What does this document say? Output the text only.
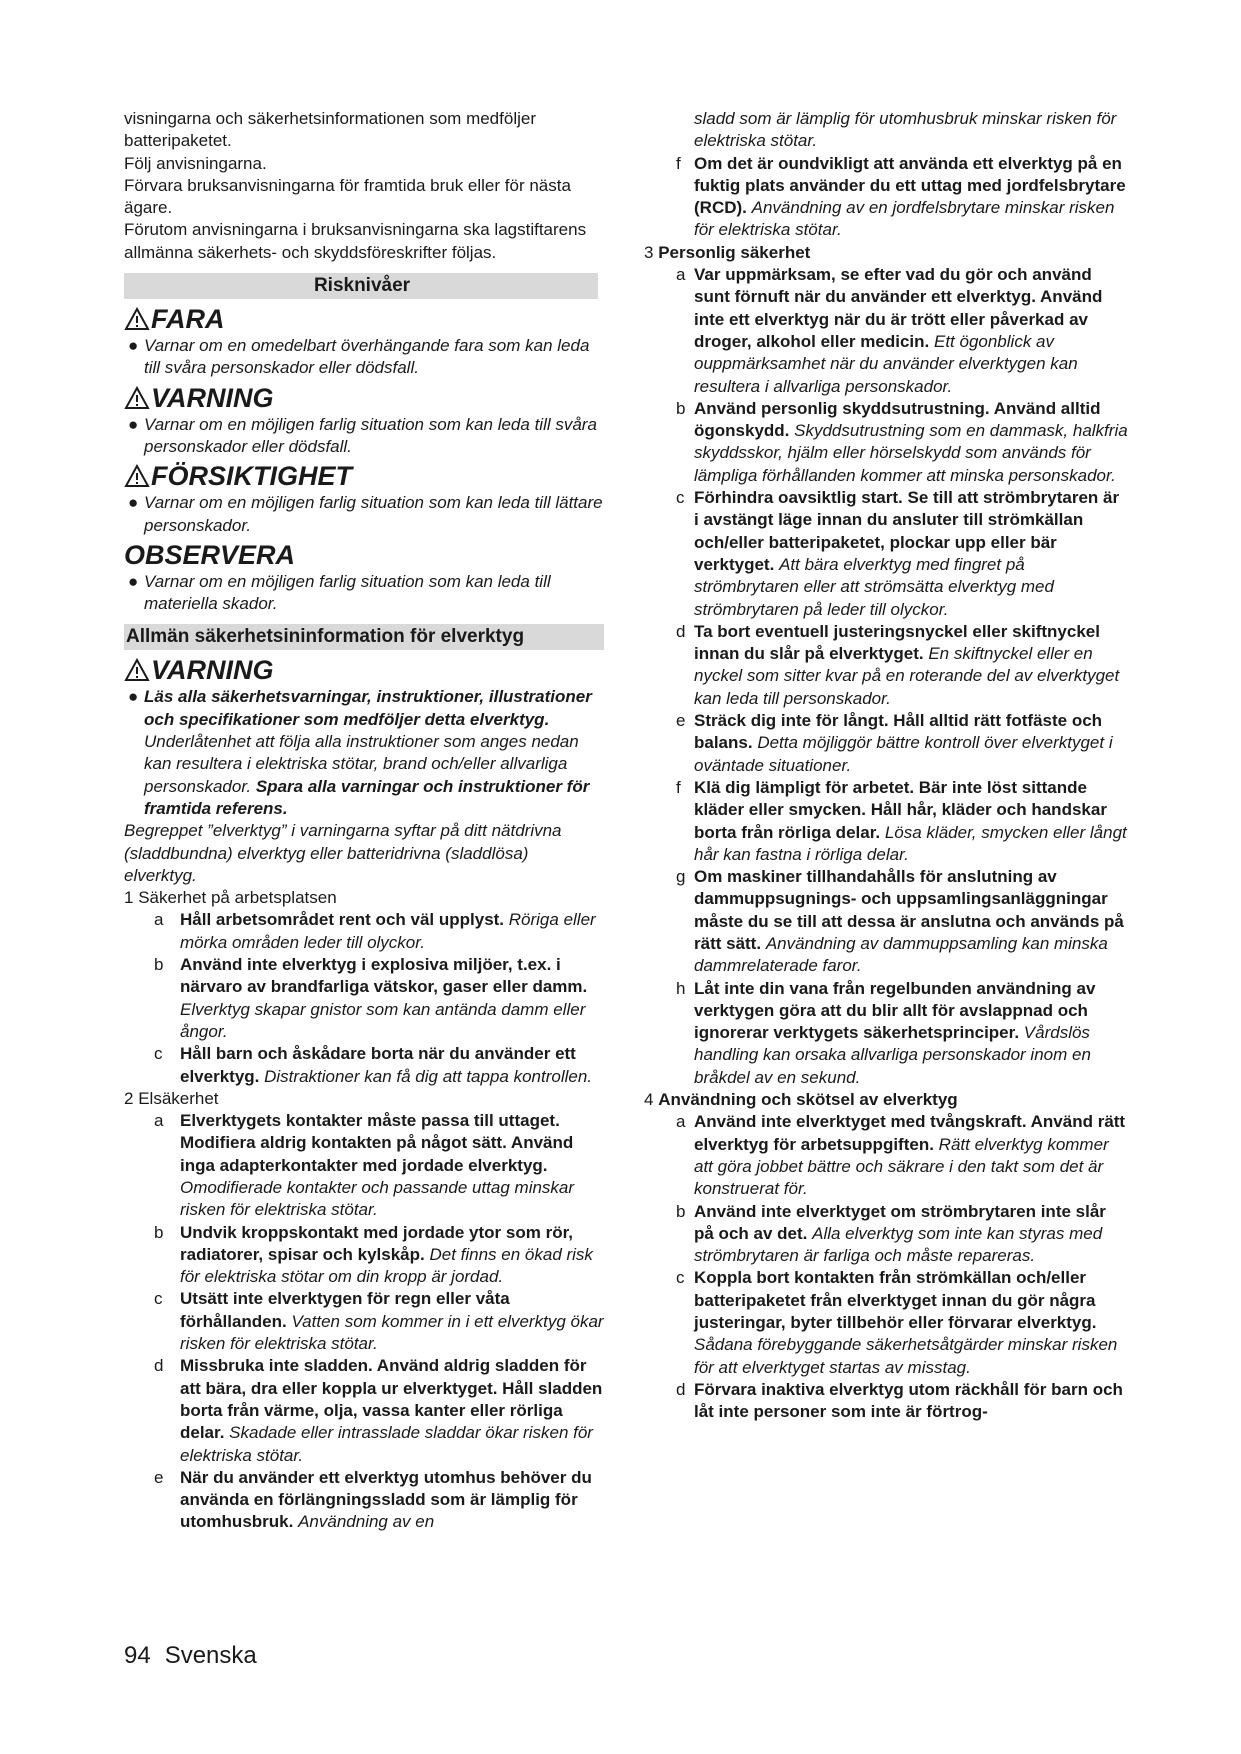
visningarna och säkerhetsinformationen som medföljer batteripaketet.

Följ anvisningarna.

Förvara bruksanvisningarna för framtida bruk eller för nästa ägare.

Förutom anvisningarna i bruksanvisningarna ska lagstiftarens allmänna säkerhets- och skyddsföreskrifter följas.

Risknivåer
FARA

● Varnar om en omedelbart överhängande fara som kan leda till svåra personskador eller dödsfall.

VARNING

● Varnar om en möjligen farlig situation som kan leda till svåra personskador eller dödsfall.

FÖRSIKTIGHET

● Varnar om en möjligen farlig situation som kan leda till lättare personskador.

OBSERVERA

● Varnar om en möjligen farlig situation som kan leda till materiella skador.

Allmän säkerhetsininformation för elverktyg
VARNING

● Läs alla säkerhetsvarningar, instruktioner, illustrationer och specifikationer som medföljer detta elverktyg.
Underlåtenhet att följa alla instruktioner som anges nedan kan resultera i elektriska stötar, brand och/eller allvarliga personskador. Spara alla varningar och instruktioner för framtida referens.

Begreppet ”elverktyg” i varningarna syftar på ditt nätdrivna (sladdbundna) elverktyg eller batteridrivna (sladdlösa) elverktyg.

1 Säkerhet på arbetsplatsen

a Håll arbetsområdet rent och väl upplyst. Röriga eller mörka områden leder till olyckor.

b Använd inte elverktyg i explosiva miljöer, t.ex. i närvaro av brandfarliga vätskor, gaser eller damm. Elverktyg skapar gnistor som kan antända damm eller ångor.

c Håll barn och åskådare borta när du använder ett elverktyg. Distraktioner kan få dig att tappa kontrollen.

2 Elsäkerhet

a Elverktygets kontakter måste passa till uttaget. Modifiera aldrig kontakten på något sätt. Använd inga adapterkontakter med jordade elverktyg. Omodifierade kontakter och passande uttag minskar risken för elektriska stötar.

b Undvik kroppskontakt med jordade ytor som rör, radiatorer, spisar och kylskåp. Det finns en ökad risk för elektriska stötar om din kropp är jordad.

c Utsätt inte elverktygen för regn eller våta förhållanden. Vatten som kommer in i ett elverktyg ökar risken för elektriska stötar.

d Missbruka inte sladden. Använd aldrig sladden för att bära, dra eller koppla ur elverktyget. Håll sladden borta från värme, olja, vassa kanter eller rörliga delar. Skadade eller intrasslade sladdar ökar risken för elektriska stötar.

e När du använder ett elverktyg utomhus behöver du använda en förlängningssladd som är lämplig för utomhusbruk. Användning av en

sladd som är lämplig för utomhusbruk minskar risken för elektriska stötar.

f Om det är oundvikligt att använda ett elverktyg på en fuktig plats använder du ett uttag med jordfelsbrytare (RCD). Användning av en jordfelsbrytare minskar risken för elektriska stötar.

3 Personlig säkerhet

a Var uppmärksam, se efter vad du gör och använd sunt förnuft när du använder ett elverktyg. Använd inte ett elverktyg när du är trött eller påverkad av droger, alkohol eller medicin. Ett ögonblick av ouppmärksamhet när du använder elverktygen kan resultera i allvarliga personskador.

b Använd personlig skyddsutrustning. Använd alltid ögonskydd. Skyddsutrustning som en dammask, halkfria skyddsskor, hjälm eller hörselskydd som används för lämpliga förhållanden kommer att minska personskador.

c Förhindra oavsiktlig start. Se till att strömbrytaren är i avstängt läge innan du ansluter till strömkällan och/eller batteripaketet, plockar upp eller bär verktyget. Att bära elverktyg med fingret på strömbrytaren eller att strömsätta elverktyg med strömbrytaren på leder till olyckor.

d Ta bort eventuell justeringsnyckel eller skiftnyckel innan du slår på elverktyget. En skiftnyckel eller en nyckel som sitter kvar på en roterande del av elverktyget kan leda till personskador.

e Sträck dig inte för långt. Håll alltid rätt fotfäste och balans. Detta möjliggör bättre kontroll över elverktyget i oväntade situationer.

f Klä dig lämpligt för arbetet. Bär inte löst sittande kläder eller smycken. Håll hår, kläder och handskar borta från rörliga delar. Lösa kläder, smycken eller långt hår kan fastna i rörliga delar.

g Om maskiner tillhandahålls för anslutning av dammuppsugnings- och uppsamlingsanläggningar måste du se till att dessa är anslutna och används på rätt sätt. Användning av dammuppsamling kan minska dammrelaterade faror.

h Låt inte din vana från regelbunden användning av verktygen göra att du blir allt för avslappnad och ignorerar verktygets säkerhetsprinciper. Vårdslös handling kan orsaka allvarliga personskador inom en bråkdel av en sekund.

4 Användning och skötsel av elverktyg

a Använd inte elverktyget med tvångskraft. Använd rätt elverktyg för arbetsuppgiften. Rätt elverktyg kommer att göra jobbet bättre och säkrare i den takt som det är konstruerat för.

b Använd inte elverktyget om strömbrytaren inte slår på och av det. Alla elverktyg som inte kan styras med strömbrytaren är farliga och måste repareras.

c Koppla bort kontakten från strömkällan och/eller batteripaketet från elverktyget innan du gör några justeringar, byter tillbehör eller förvarar elverktyg. Sådana förebyggande säkerhetsåtgärder minskar risken för att elverktyget startas av misstag.

d Förvara inaktiva elverktyg utom räckhåll för barn och låt inte personer som inte är förtrog-

94 Svenska
